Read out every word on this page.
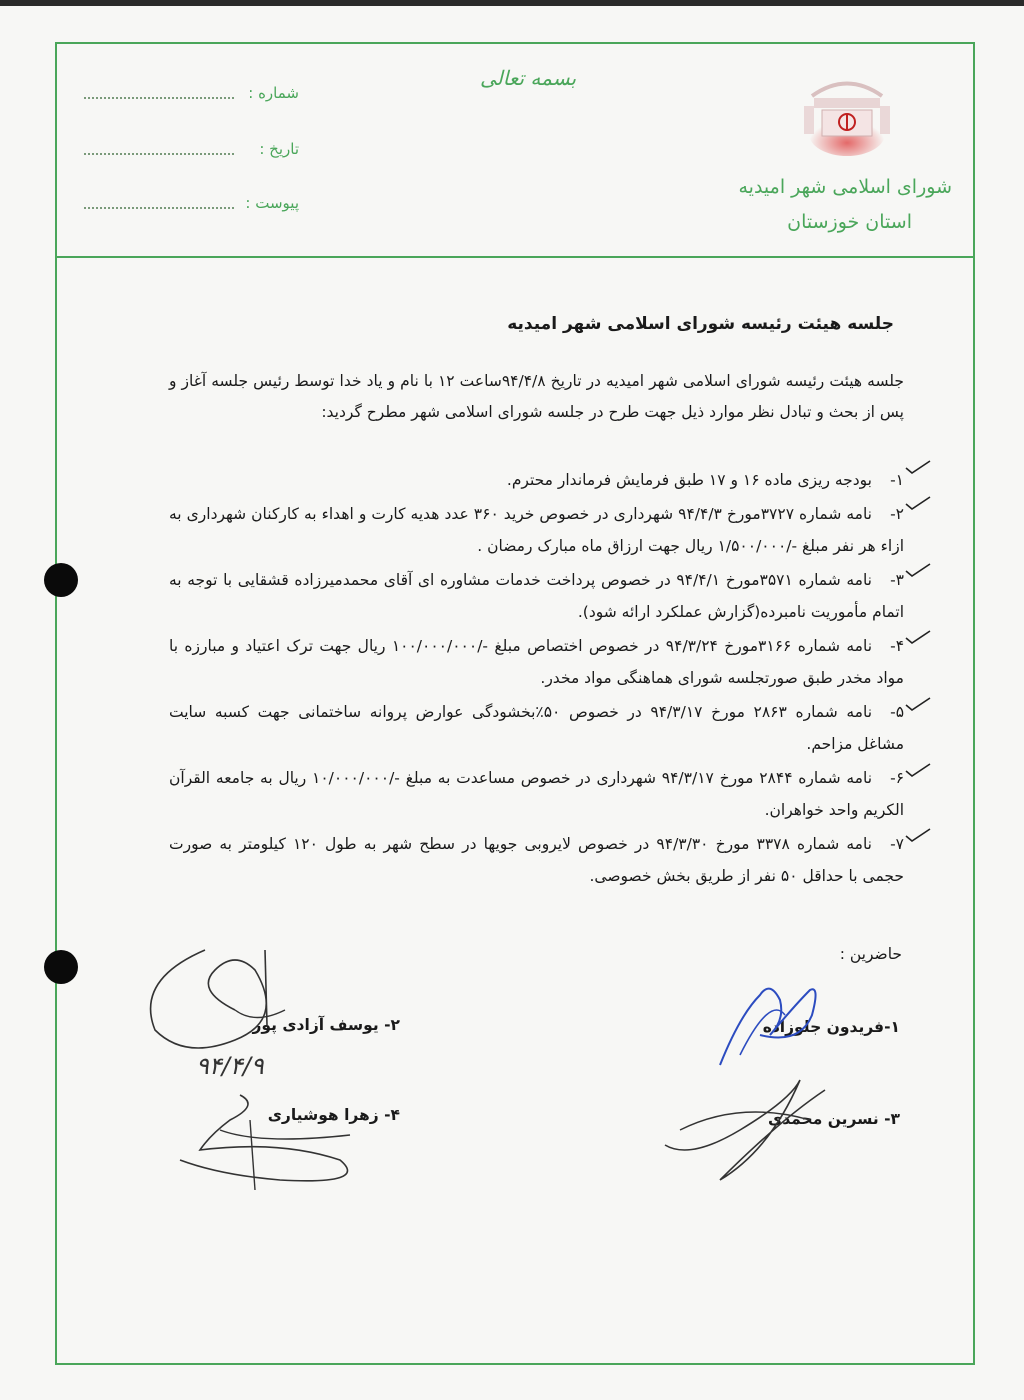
شماره :
تاریخ :
پیوست :
بسمه تعالی
شورای اسلامی شهر امیدیه
استان خوزستان
جلسه هیئت رئیسه شورای اسلامی شهر امیدیه
جلسه هیئت رئیسه شورای اسلامی شهر امیدیه در تاریخ ۹۴/۴/۸ساعت ۱۲ با نام و یاد خدا توسط رئیس جلسه آغاز و پس از بحث و تبادل نظر موارد ذیل جهت طرح در جلسه شورای اسلامی شهر مطرح گردید:
۱-بودجه ریزی ماده ۱۶ و ۱۷ طبق فرمایش فرماندار محترم.
۲-نامه شماره ۳۷۲۷مورخ ۹۴/۴/۳ شهرداری در خصوص خرید ۳۶۰ عدد هدیه کارت و اهداء به کارکنان شهرداری به ازاء هر نفر مبلغ -/۱/۵۰۰/۰۰۰ ریال جهت ارزاق ماه مبارک رمضان .
۳-نامه شماره ۳۵۷۱مورخ ۹۴/۴/۱ در خصوص پرداخت خدمات مشاوره ای آقای محمدمیرزاده قشقایی با توجه به اتمام مأموریت نامبرده(گزارش عملکرد ارائه شود).
۴-نامه شماره ۳۱۶۶مورخ ۹۴/۳/۲۴ در خصوص اختصاص مبلغ -/۱۰۰/۰۰۰/۰۰۰ ریال جهت ترک اعتیاد و مبارزه با مواد مخدر طبق صورتجلسه شورای هماهنگی مواد مخدر.
۵-نامه شماره ۲۸۶۳ مورخ ۹۴/۳/۱۷ در خصوص ۵۰٪بخشودگی عوارض پروانه ساختمانی جهت کسبه سایت مشاغل مزاحم.
۶-نامه شماره ۲۸۴۴ مورخ ۹۴/۳/۱۷ شهرداری در خصوص مساعدت به مبلغ -/۱۰/۰۰۰/۰۰۰ ریال به جامعه القرآن الکریم واحد خواهران.
۷-نامه شماره ۳۳۷۸ مورخ ۹۴/۳/۳۰ در خصوص لایروبی جویها در سطح شهر به طول ۱۲۰ کیلومتر به صورت حجمی با حداقل ۵۰ نفر از طریق بخش خصوصی.
حاضرین :
۱-فریدون جلوزاده
۲- یوسف آزادی پور
۳- نسرین محمدی
۴- زهرا هوشیاری
۹۴/۴/۹
